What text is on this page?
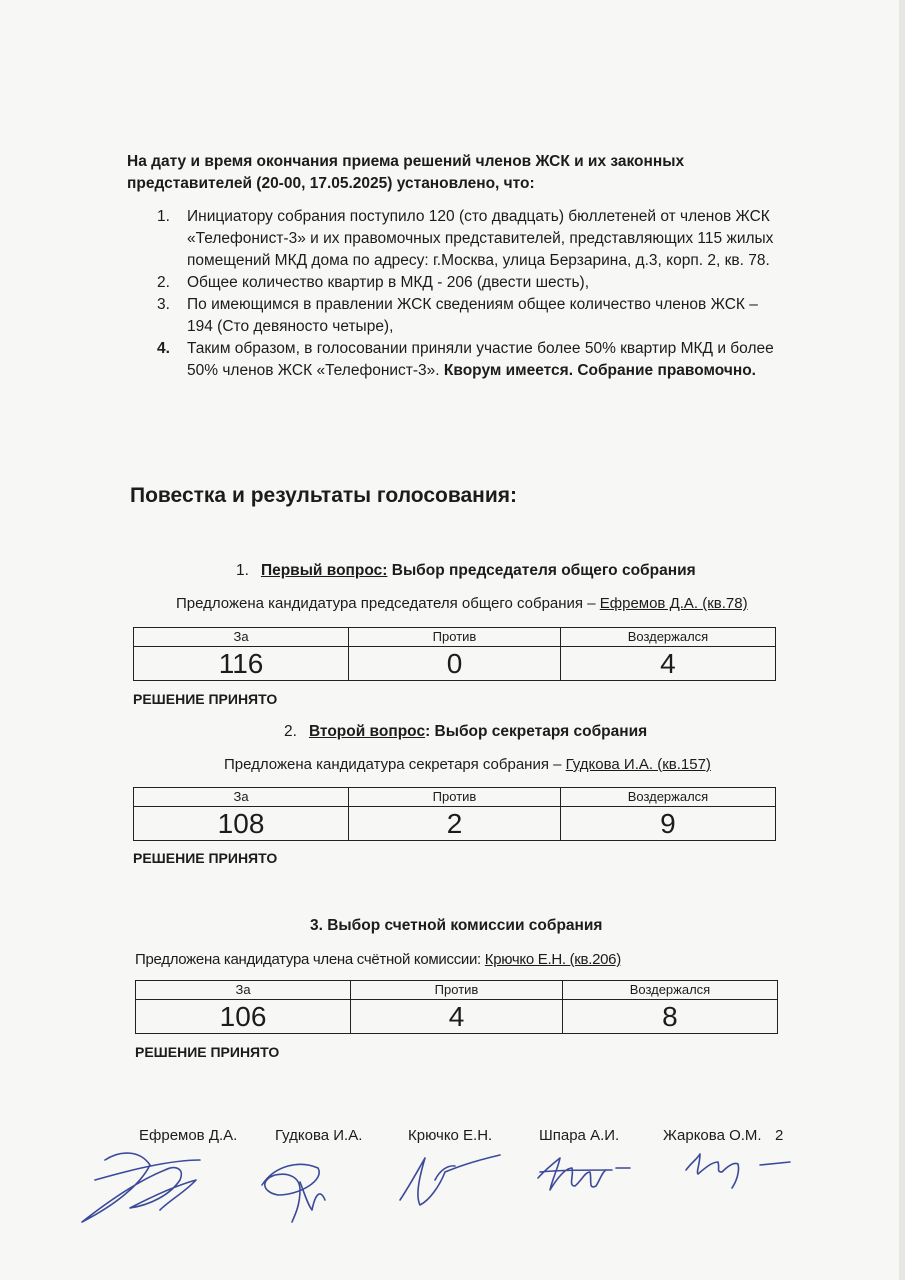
На дату и время окончания приема решений членов ЖСК и их законных представителей (20-00, 17.05.2025) установлено, что:
1. Инициатору собрания поступило 120 (сто двадцать) бюллетеней от членов ЖСК «Телефонист-3» и их правомочных представителей, представляющих 115 жилых помещений МКД дома по адресу: г.Москва, улица Берзарина, д.3, корп. 2, кв. 78.
2. Общее количество квартир в МКД - 206 (двести шесть),
3. По имеющимся в правлении ЖСК сведениям общее количество членов ЖСК – 194 (Сто девяносто четыре),
4. Таким образом, в голосовании приняли участие более 50% квартир МКД и более 50% членов ЖСК «Телефонист-3». Кворум имеется. Собрание правомочно.
Повестка и результаты голосования:
1. Первый вопрос: Выбор председателя общего собрания
Предложена кандидатура председателя общего собрания – Ефремов Д.А. (кв.78)
За	Против	Воздержался
116	0	4
РЕШЕНИЕ ПРИНЯТО
2. Второй вопрос: Выбор секретаря собрания
Предложена кандидатура секретаря собрания – Гудкова И.А. (кв.157)
За	Против	Воздержался
108	2	9
РЕШЕНИЕ ПРИНЯТО
3. Выбор счетной комиссии собрания
Предложена кандидатура члена счётной комиссии: Крючко Е.Н. (кв.206)
За	Против	Воздержался
106	4	8
РЕШЕНИЕ ПРИНЯТО
Ефремов Д.А.	Гудкова И.А.	Крючко Е.Н.	Шпара А.И.	Жаркова О.М. 2
